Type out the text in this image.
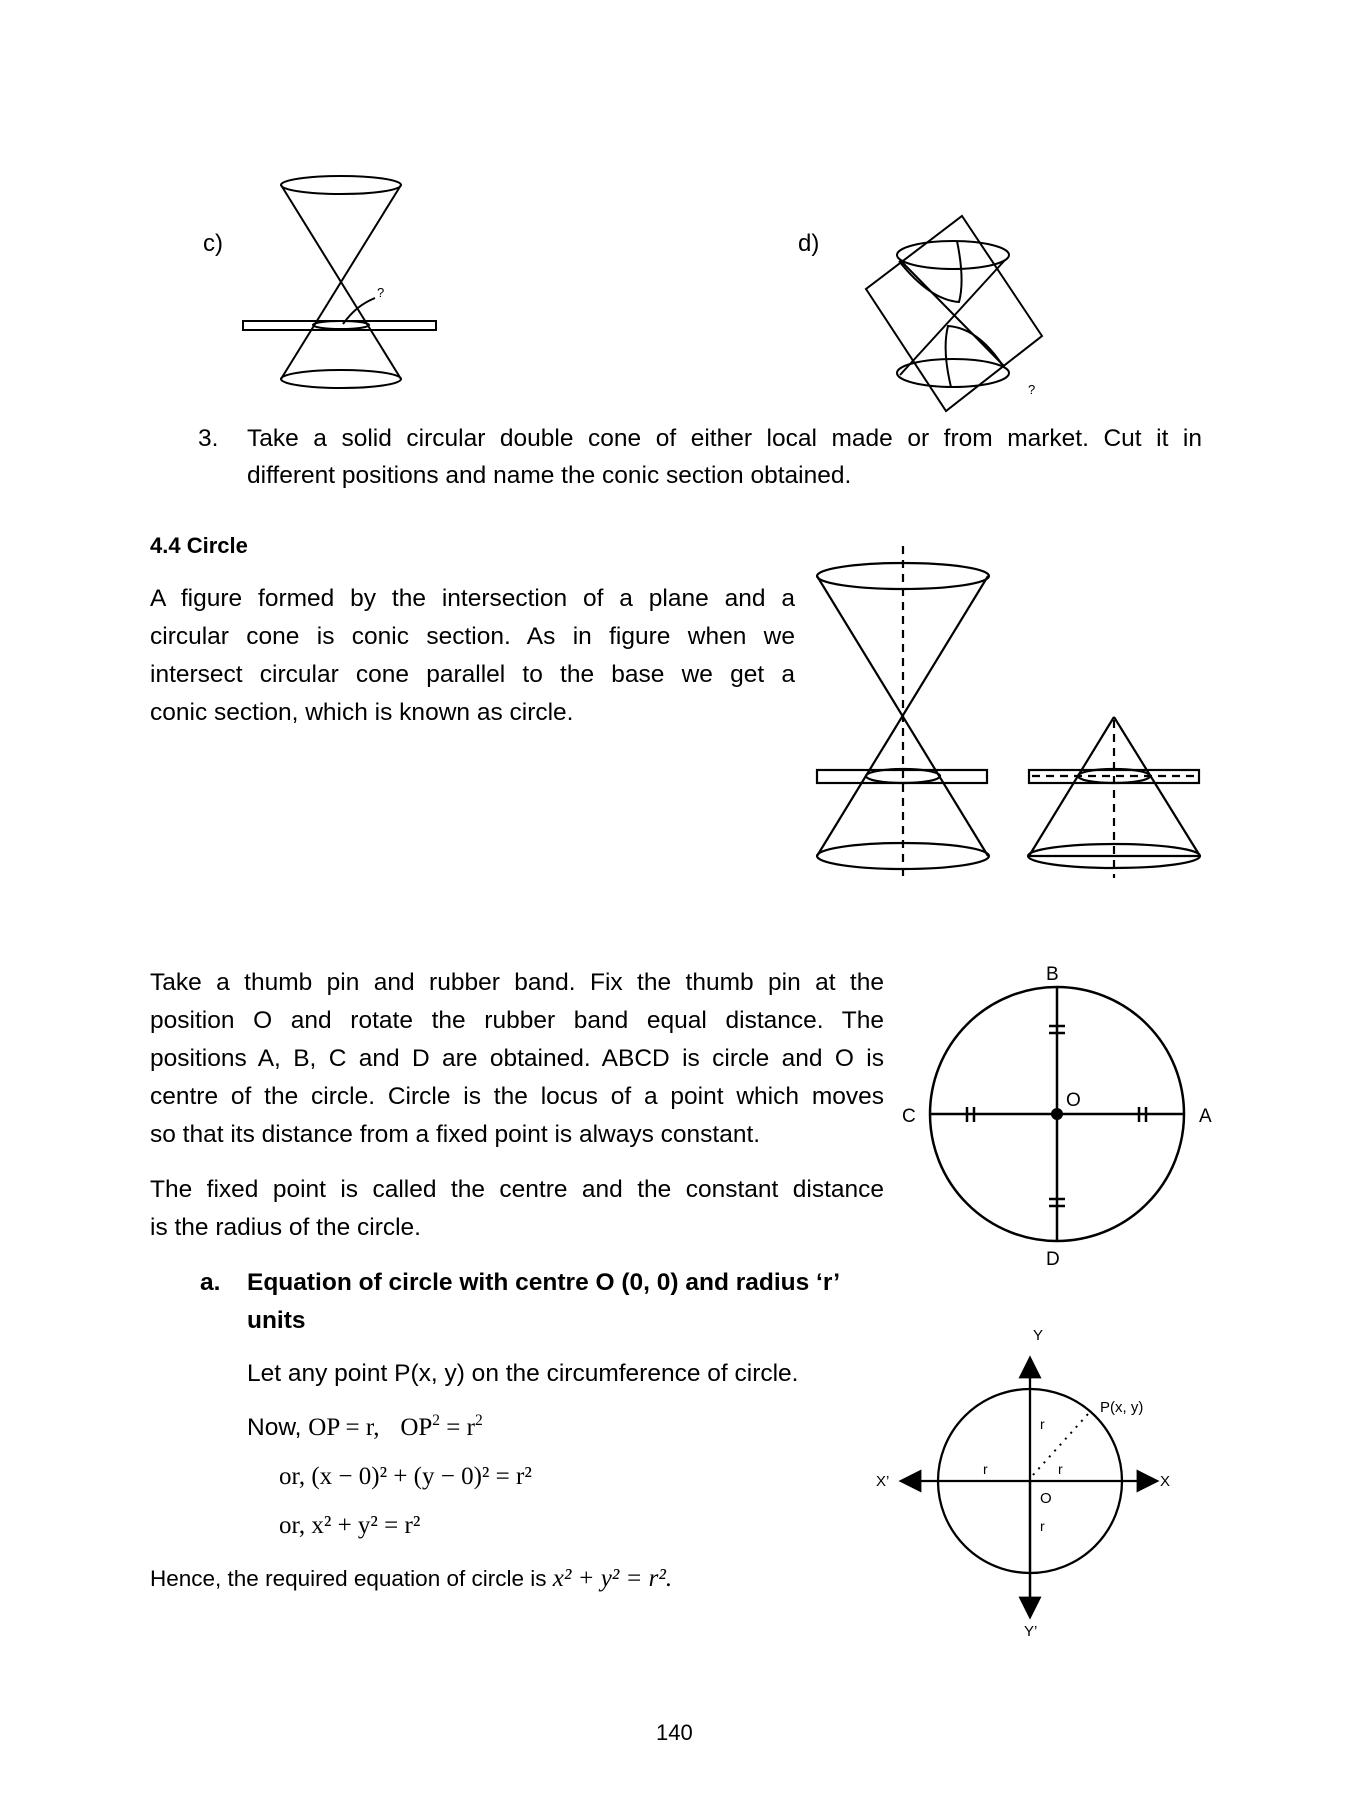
c)
?
d)
?
3. Take a solid circular double cone of either local made or from market. Cut it in
different positions and name the conic section obtained.
4.4 Circle
A figure formed by the intersection of a plane and a
circular cone is conic section. As in figure when we
intersect circular cone parallel to the base we get a
conic section, which is known as circle.
Take a thumb pin and rubber band. Fix the thumb pin at the
position O and rotate the rubber band equal distance. The
positions A, B, C and D are obtained. ABCD is circle and O is
centre of the circle. Circle is the locus of a point which moves
so that its distance from a fixed point is always constant.
The fixed point is called the centre and the constant distance
is the radius of the circle.
B
C	A
D
O
a. Equation of circle with centre O (0, 0) and radius ‘r’
units
Let any point P(x, y) on the circumference of circle.
Now, OP = r, $OP^2 = r^2$
or, (x − 0)² + (y − 0)² = r²
or, x² + y² = r²
Hence, the required equation of circle is x² + y² = r².
Y
Y’
X
X’
O
P(x, y)
r
r	r
r
140
